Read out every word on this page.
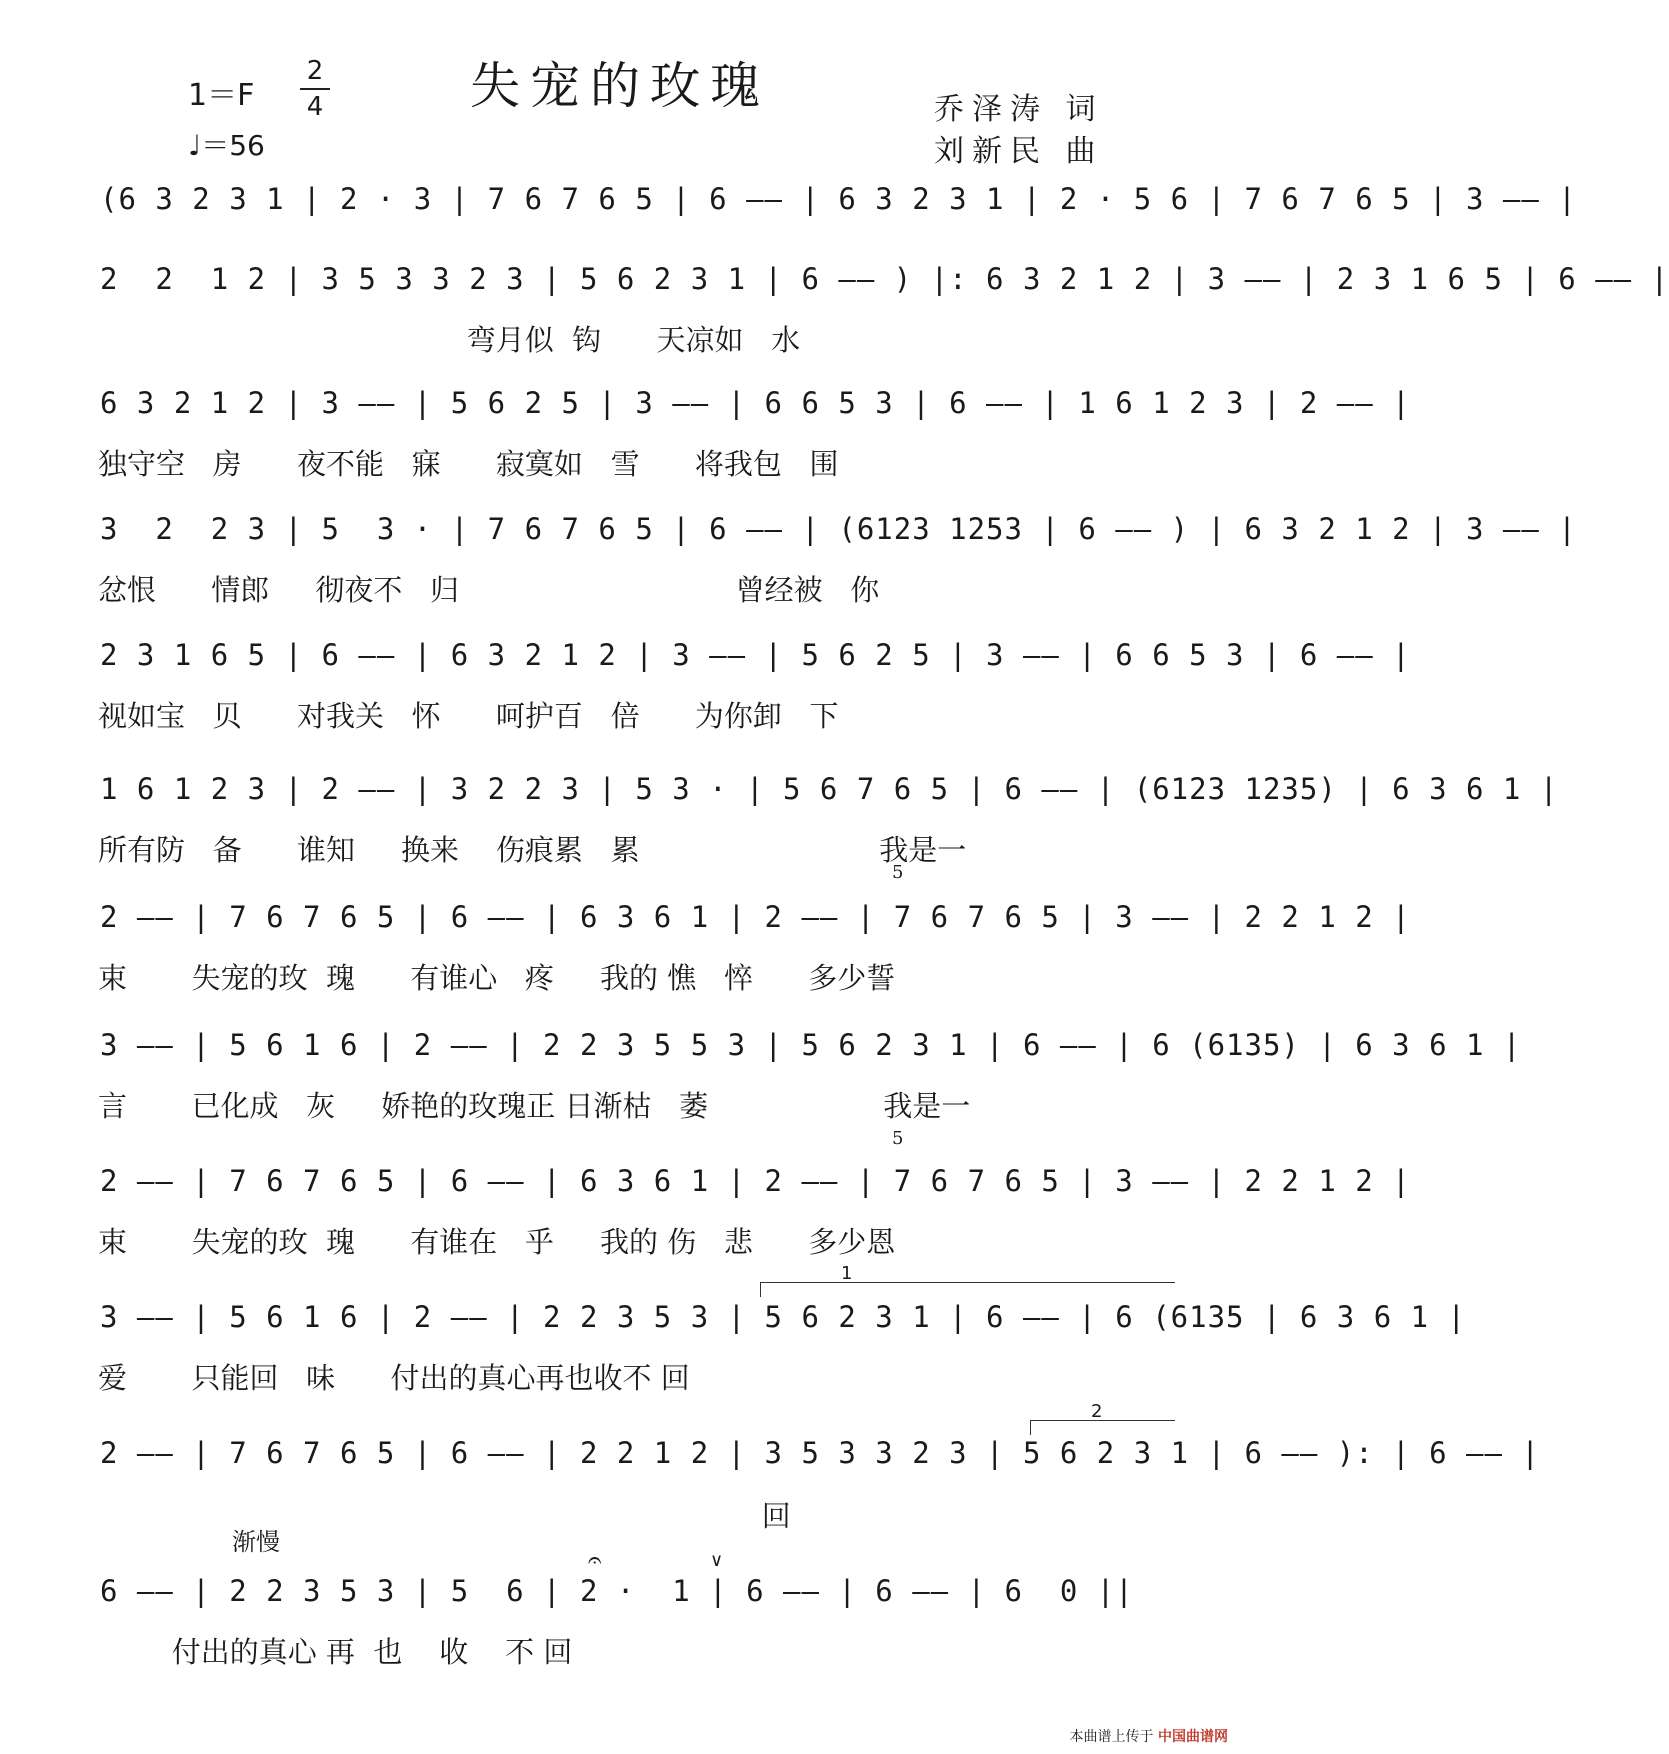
1＝F
2
4
♩＝56
失宠的玫瑰	乔泽涛 词
刘新民 曲
(6 3 2 3 1 | 2 · 3 | 7 6 7 6 5 | 6 —— | 6 3 2 3 1 | 2 · 5 6 | 7 6 7 6 5 | 3 —— |
2  2  1 2 | 3 5 3 3 2 3 | 5 6 2 3 1 | 6 —— ) |: 6 3 2 1 2 | 3 —— | 2 3 1 6 5 | 6 —— |
弯月似  钩      天凉如   水
6 3 2 1 2 | 3 —— | 5 6 2 5 | 3 —— | 6 6 5 3 | 6 —— | 1 6 1 2 3 | 2 —— |
独守空   房      夜不能   寐      寂寞如   雪      将我包   围
3  2  2 3 | 5  3 · | 7 6 7 6 5 | 6 —— | (6123 1253 | 6 —— ) | 6 3 2 1 2 | 3 —— |
忿恨      情郎     彻夜不   归                              曾经被   你
2 3 1 6 5 | 6 —— | 6 3 2 1 2 | 3 —— | 5 6 2 5 | 3 —— | 6 6 5 3 | 6 —— |
视如宝   贝      对我关   怀      呵护百   倍      为你卸   下
1 6 1 2 3 | 2 —— | 3 2 2 3 | 5 3 · | 5 6 7 6 5 | 6 —— | (6123 1235) | 6 3 6 1 |
所有防   备      谁知     换来    伤痕累   累                          我是一
5
2 —— | 7 6 7 6 5 | 6 —— | 6 3 6 1 | 2 —— | 7 6 7 6 5 | 3 —— | 2 2 1 2 |
束       失宠的玫  瑰      有谁心   疼     我的 憔   悴      多少誓
3 —— | 5 6 1 6 | 2 —— | 2 2 3 5 5 3 | 5 6 2 3 1 | 6 —— | 6 (6135) | 6 3 6 1 |
言       已化成   灰     娇艳的玫瑰正 日渐枯   萎                   我是一
5
2 —— | 7 6 7 6 5 | 6 —— | 6 3 6 1 | 2 —— | 7 6 7 6 5 | 3 —— | 2 2 1 2 |
束       失宠的玫  瑰      有谁在   乎     我的 伤   悲      多少恩
1
3 —— | 5 6 1 6 | 2 —— | 2 2 3 5 3 | 5 6 2 3 1 | 6 —— | 6 (6135 | 6 3 6 1 |
爱       只能回   味      付出的真心再也收不 回
2
2 —— | 7 6 7 6 5 | 6 —— | 2 2 1 2 | 3 5 3 3 2 3 | 5 6 2 3 1 | 6 —— ): | 6 —— |
回
渐慢
𝄐	∨
6 —— | 2 2 3 5 3 | 5  6 | 2 ·  1 | 6 —— | 6 —— | 6  0 ||
付出的真心 再  也    收    不 回
本曲谱上传于 中国曲谱网
